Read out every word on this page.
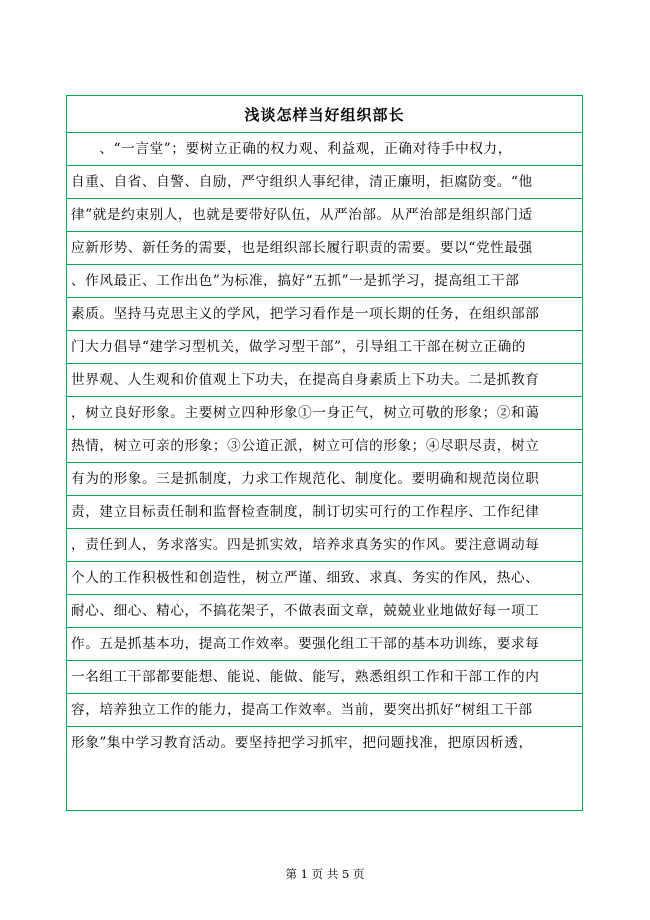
浅谈怎样当好组织部长
　　、“一言堂”；要树立正确的权力观、利益观，正确对待手中权力，
自重、自省、自警、自励，严守组织人事纪律，清正廉明，拒腐防变。“他
律”就是约束别人，也就是要带好队伍，从严治部。从严治部是组织部门适
应新形势、新任务的需要，也是组织部长履行职责的需要。要以“党性最强
、作风最正、工作出色”为标准，搞好“五抓”一是抓学习，提高组工干部
素质。坚持马克思主义的学风，把学习看作是一项长期的任务，在组织部部
门大力倡导“建学习型机关，做学习型干部”，引导组工干部在树立正确的
世界观、人生观和价值观上下功夫，在提高自身素质上下功夫。二是抓教育
，树立良好形象。主要树立四种形象①一身正气，树立可敬的形象；②和蔼
热情，树立可亲的形象；③公道正派，树立可信的形象；④尽职尽责，树立
有为的形象。三是抓制度，力求工作规范化、制度化。要明确和规范岗位职
责，建立目标责任制和监督检查制度，制订切实可行的工作程序、工作纪律
，责任到人，务求落实。四是抓实效，培养求真务实的作风。要注意调动每
个人的工作积极性和创造性，树立严谨、细致、求真、务实的作风，热心、
耐心、细心、精心，不搞花架子，不做表面文章，兢兢业业地做好每一项工
作。五是抓基本功，提高工作效率。要强化组工干部的基本功训练，要求每
一名组工干部都要能想、能说、能做、能写，熟悉组织工作和干部工作的内
容，培养独立工作的能力，提高工作效率。当前，要突出抓好“树组工干部
形象”集中学习教育活动。要坚持把学习抓牢，把问题找准，把原因析透，
第 1 页 共 5 页
